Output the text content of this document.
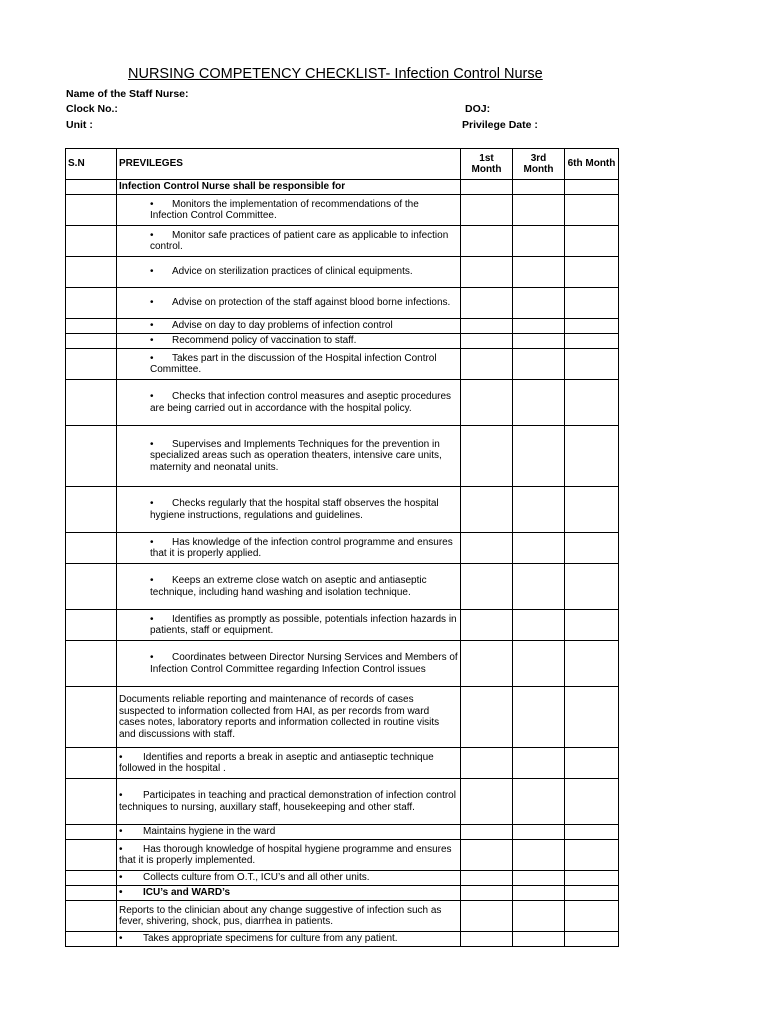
NURSING COMPETENCY CHECKLIST- Infection Control Nurse
Name of the Staff Nurse:
Clock No.:	DOJ:
Unit :	Privilege Date :
S.N	PREVILEGES	1st Month	3rd Month	6th Month
	Infection Control Nurse shall be responsible for			
	• Monitors the implementation of recommendations of the Infection Control Committee.			
	• Monitor safe practices of patient care as applicable to infection control.			
	• Advice on sterilization practices of clinical equipments.			
	• Advise on protection of the staff against blood borne infections.			
	• Advise on day to day problems of infection control			
	• Recommend policy of vaccination to staff.			
	• Takes part in the discussion of the Hospital infection Control Committee.			
	• Checks that infection control measures and aseptic procedures are being carried out in accordance with the hospital policy.			
	• Supervises and Implements Techniques for the prevention in specialized areas such as operation theaters, intensive care units, maternity and neonatal units.			
	• Checks regularly that the hospital staff observes the hospital hygiene instructions, regulations and guidelines.			
	• Has knowledge of the infection control programme and ensures that it is properly applied.			
	• Keeps an extreme close watch on aseptic and antiaseptic technique, including hand washing and isolation technique.			
	• Identifies as promptly as possible, potentials infection hazards in patients, staff or equipment.			
	• Coordinates between Director Nursing Services and Members of Infection Control Committee regarding Infection Control issues			
	Documents reliable reporting and maintenance of records of cases suspected to information collected from HAI, as per records from ward cases notes, laboratory reports and information collected in routine visits and discussions with staff.			
	• Identifies and reports a break in aseptic and antiaseptic technique followed in the hospital .			
	• Participates in teaching and practical demonstration of infection control techniques to nursing, auxillary staff, housekeeping and other staff.			
	• Maintains hygiene in the ward			
	• Has thorough knowledge of hospital hygiene programme and ensures that it is properly implemented.			
	• Collects culture from O.T., ICU’s and all other units.			
	• ICU’s and WARD’s			
	Reports to the clinician about any change suggestive of infection such as fever, shivering, shock, pus, diarrhea in patients.			
	• Takes appropriate specimens for culture from any patient.			
